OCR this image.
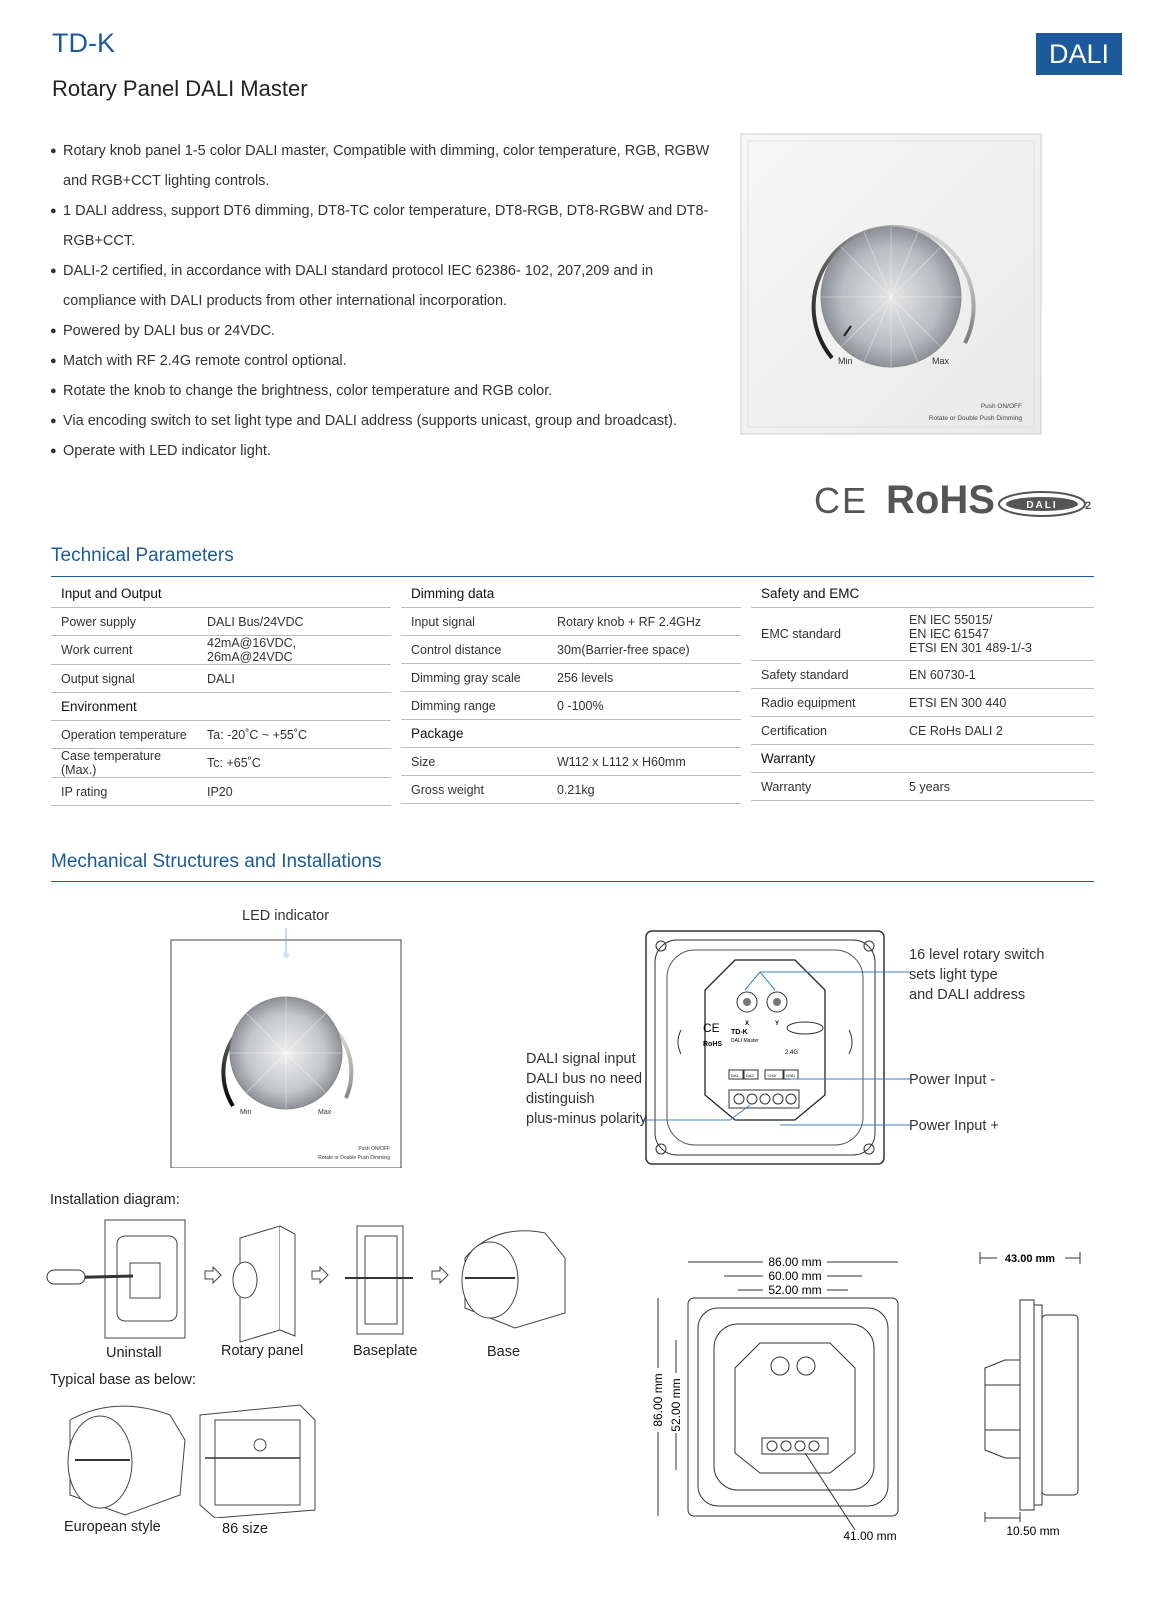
TD-K
Rotary Panel DALI Master
DALI
● Rotary knob panel 1-5 color DALI master, Compatible with dimming, color temperature, RGB, RGBW and RGB+CCT lighting controls.
● 1 DALI address, support DT6 dimming, DT8-TC color temperature, DT8-RGB, DT8-RGBW and DT8-RGB+CCT.
● DALI-2 certified, in accordance with DALI standard protocol IEC 62386- 102, 207,209 and in compliance with DALI products from other international incorporation.
● Powered by DALI bus or 24VDC.
● Match with RF 2.4G remote control optional.
● Rotate the knob to change the brightness, color temperature and RGB color.
● Via encoding switch to set light type and DALI address (supports unicast, group and broadcast).
● Operate with LED indicator light.
Min	Max
Push ON/OFF
Rotate or Double Push Dimming
CE RoHS	DALI 2
Technical Parameters
Input and Output	
Power supply	DALI Bus/24VDC
Work current	42mA@16VDC, 26mA@24VDC
Output signal	DALI
Environment	
Operation temperature	Ta: -20˚C ~ +55˚C
Case temperature (Max.)	Tc: +65˚C
IP rating	IP20
Dimming data	
Input signal	Rotary knob + RF 2.4GHz
Control distance	30m(Barrier-free space)
Dimming gray scale	256 levels
Dimming range	0 -100%
Package	
Size	W112 x L112 x H60mm
Gross weight	0.21kg
Safety and EMC	
EMC standard	EN IEC 55015/
EN IEC 61547
ETSI EN 301 489-1/-3

Safety standard	EN 60730-1
Radio equipment	ETSI EN 300 440
Certification	CE RoHs DALI 2
Warranty	
Warranty	5 years
Mechanical Structures and Installations
LED indicator
Min	Max
Push ON/OFF
Rotate or Double Push Dimming
X	Y
CE
RoHS
TD-K
DALI Master
2.4G
DA1 DA2	+24V GND
16 level rotary switch
sets light type
and DALI address
DALI signal input
DALI bus no need
distinguish
plus-minus polarity
Power Input -
Power Input +
Installation diagram:
Uninstall	Rotary panel	Baseplate	Base
Typical base as below:
European style	86 size
86.00 mm
60.00 mm
52.00 mm
86.00 mm 52.00 mm
41.00 mm
43.00 mm
10.50 mm
